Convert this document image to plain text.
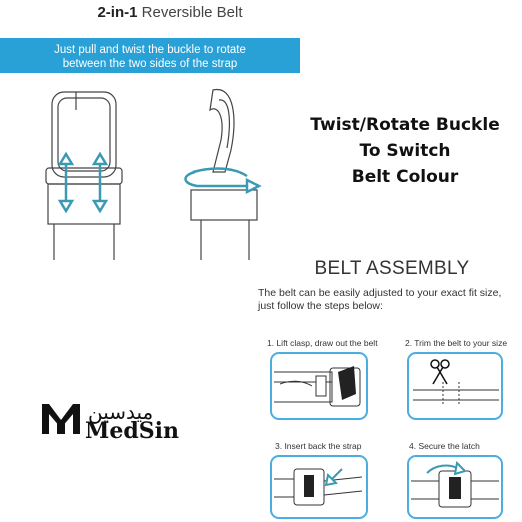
2-in-1 Reversible Belt
Just pull and twist the buckle to rotate
between the two sides of the strap
Twist/Rotate Buckle
To Switch
Belt Colour
BELT ASSEMBLY
The belt can be easily adjusted to your exact fit size,
just follow the steps below:
1. Lift clasp, draw out the belt	2. Trim the belt to your size
3. Insert back the strap	4. Secure the latch
ميدسين
MedSin
